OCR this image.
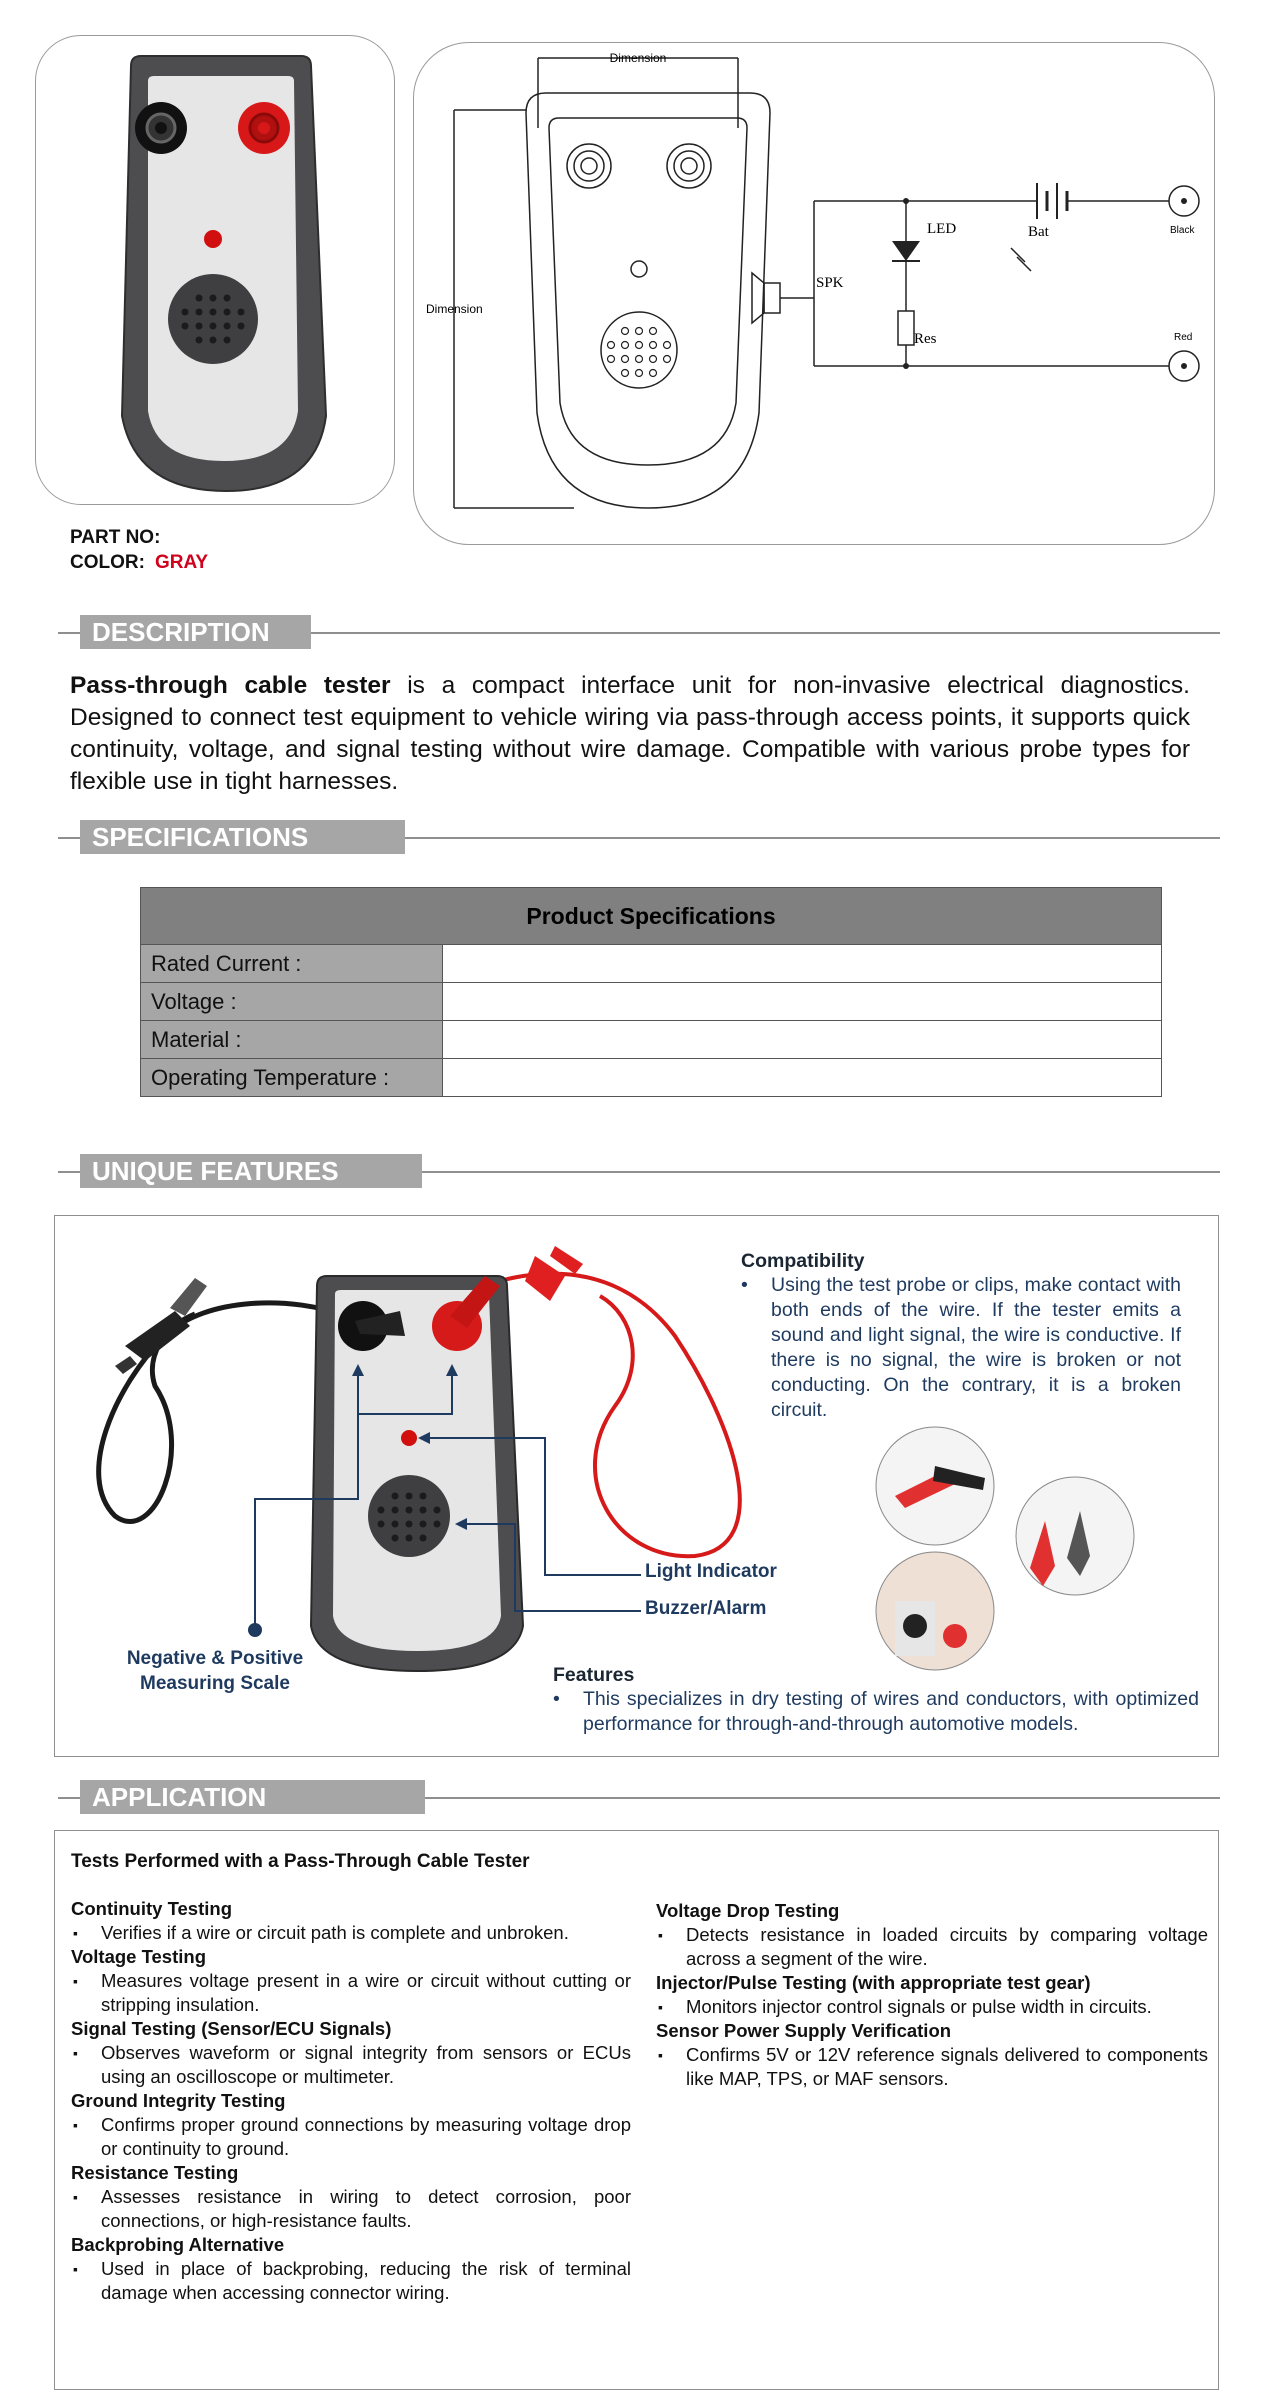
Dimension
Dimension
LED	Bat	Black
SPK
Res	Red
PART NO:
COLOR: GRAY
DESCRIPTION
Pass-through cable tester is a compact interface unit for non-invasive electrical diagnostics. Designed to connect test equipment to vehicle wiring via pass-through access points, it supports quick continuity, voltage, and signal testing without wire damage. Compatible with various probe types for flexible use in tight harnesses.
SPECIFICATIONS
Product Specifications	
Rated Current :	
Voltage :	
Material :	
Operating Temperature :	
UNIQUE FEATURES
Light Indicator
Buzzer/Alarm
Negative & Positive
Measuring Scale
Compatibility
•	Using the test probe or clips, make contact with both ends of the wire. If the tester emits a sound and light signal, the wire is conductive. If there is no signal, the wire is broken or not conducting. On the contrary, it is a broken circuit.
Features
•	This specializes in dry testing of wires and conductors, with optimized performance for through-and-through automotive models.
APPLICATION
Tests Performed with a Pass-Through Cable Tester
Continuity Testing
▪	Verifies if a wire or circuit path is complete and unbroken.
Voltage Testing
▪	Measures voltage present in a wire or circuit without cutting or stripping insulation.
Signal Testing (Sensor/ECU Signals)
▪	Observes waveform or signal integrity from sensors or ECUs using an oscilloscope or multimeter.
Ground Integrity Testing
▪	Confirms proper ground connections by measuring voltage drop or continuity to ground.
Resistance Testing
▪	Assesses resistance in wiring to detect corrosion, poor connections, or high-resistance faults.
Backprobing Alternative
▪	Used in place of backprobing, reducing the risk of terminal damage when accessing connector wiring.
Voltage Drop Testing
▪	Detects resistance in loaded circuits by comparing voltage across a segment of the wire.
Injector/Pulse Testing (with appropriate test gear)
▪	Monitors injector control signals or pulse width in circuits.
Sensor Power Supply Verification
▪	Confirms 5V or 12V reference signals delivered to components like MAP, TPS, or MAF sensors.
